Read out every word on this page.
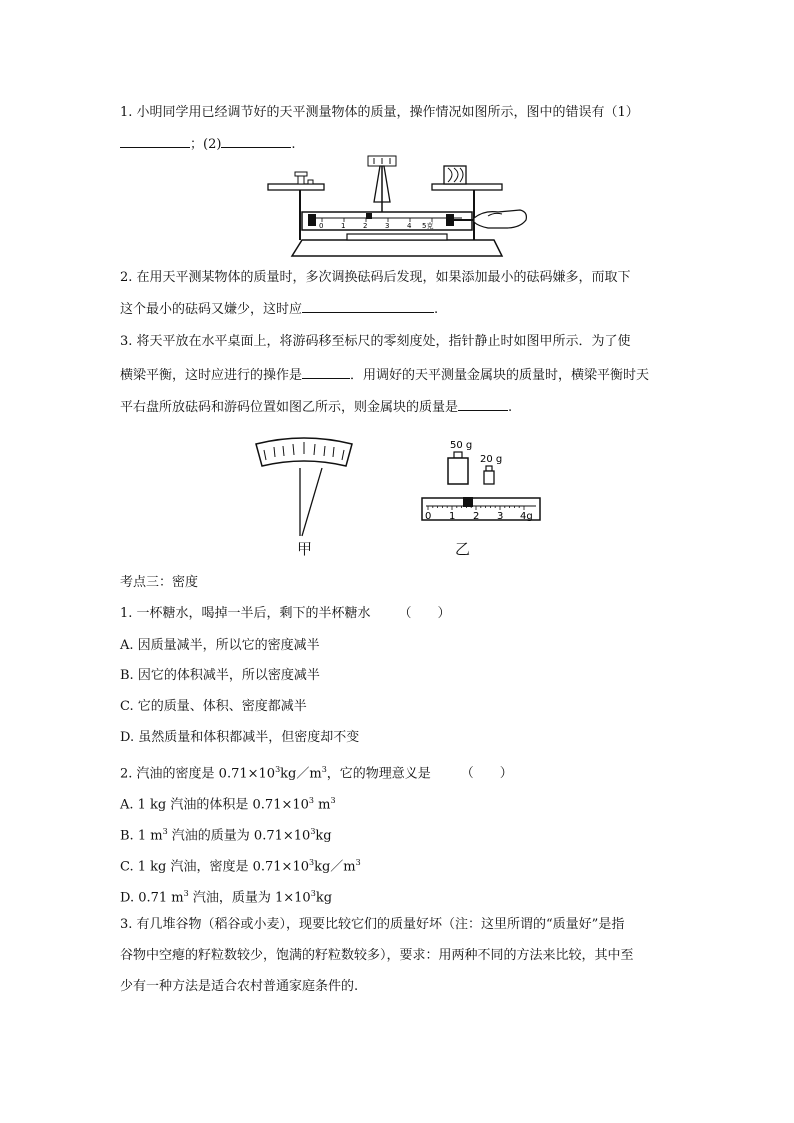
1. 小明同学用已经调节好的天平测量物体的质量，操作情况如图所示，图中的错误有（1）
；(2)	.
0	1	2	3	4 5克
2. 在用天平测某物体的质量时，多次调换砝码后发现，如果添加最小的砝码嫌多，而取下
这个最小的砝码又嫌少，这时应	.
3. 将天平放在水平桌面上，将游码移至标尺的零刻度处，指针静止时如图甲所示．为了使
横梁平衡，这时应进行的操作是	．用调好的天平测量金属块的质量时，横梁平衡时天
平右盘所放砝码和游码位置如图乙所示，则金属块的质量是	.
甲
50 g
20 g
0 1 2 3 4g
乙
考点三：密度
1. 一杯糖水，喝掉一半后，剩下的半杯糖水 （　　）
A. 因质量减半，所以它的密度减半
B. 因它的体积减半，所以密度减半
C. 它的质量、体积、密度都减半
D. 虽然质量和体积都减半，但密度却不变
2. 汽油的密度是 $0.71\times 10^3kg/m^3$，它的物理意义是 （　　）
A. 1 kg 汽油的体积是 $0.71\times 10^3$ $m^3$
B. 1 $m^3$ 汽油的质量为 $0.71\times 10^3kg$
C. 1 kg 汽油，密度是 $0.71\times 10^3kg/m^3$
D. 0.71 $m^3$ 汽油，质量为 $1\times 10^3kg$
3. 有几堆谷物（稻谷或小麦），现要比较它们的质量好坏（注：这里所谓的“质量好”是指
谷物中空瘪的籽粒数较少，饱满的籽粒数较多），要求：用两种不同的方法来比较，其中至
少有一种方法是适合农村普通家庭条件的.
